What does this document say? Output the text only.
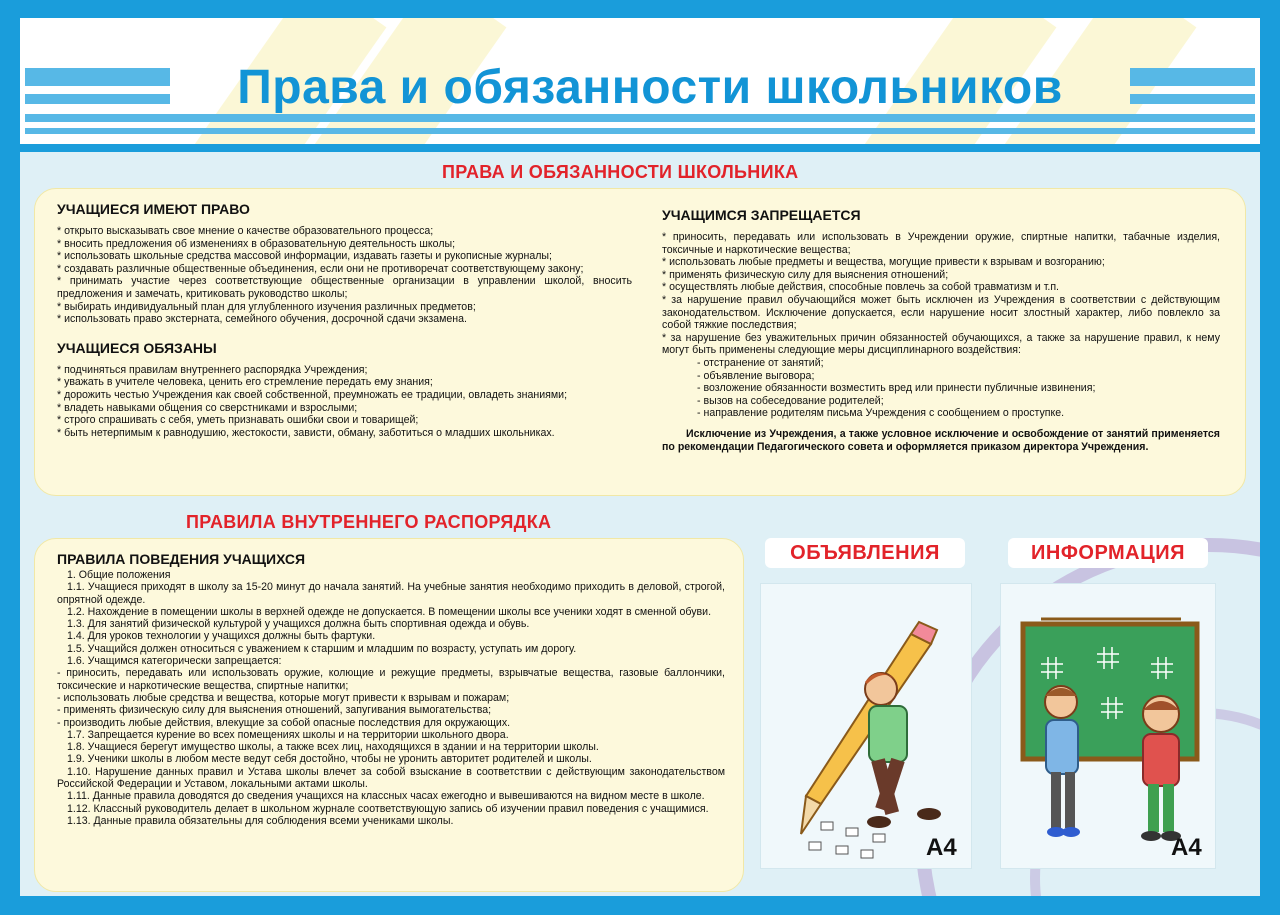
Права и обязанности школьников
ПРАВА И ОБЯЗАННОСТИ ШКОЛЬНИКА
УЧАЩИЕСЯ ИМЕЮТ ПРАВО
* открыто высказывать свое мнение о качестве образовательного процесса;
* вносить предложения об изменениях в образовательную деятельность школы;
* использовать школьные средства массовой информации, издавать газеты и рукописные журналы;
* создавать различные общественные объединения, если они не противоречат соответствующему закону;
* принимать участие через соответствующие общественные организации в управлении школой, вносить предложения и замечать, критиковать руководство школы;
* выбирать индивидуальный план для углубленного изучения различных предметов;
* использовать право экстерната, семейного обучения, досрочной сдачи экзамена.
УЧАЩИЕСЯ ОБЯЗАНЫ
* подчиняться правилам внутреннего распорядка Учреждения;
* уважать в учителе человека, ценить его стремление передать ему знания;
* дорожить честью Учреждения как своей собственной, преумножать ее традиции, овладеть знаниями;
* владеть навыками общения со сверстниками и взрослыми;
* строго спрашивать с себя, уметь признавать ошибки свои и товарищей;
* быть нетерпимым к равнодушию, жестокости, зависти, обману, заботиться о младших школьниках.
УЧАЩИМСЯ ЗАПРЕЩАЕТСЯ
* приносить, передавать или использовать в Учреждении оружие, спиртные напитки, табачные изделия, токсичные и наркотические вещества;
* использовать любые предметы и вещества, могущие привести к взрывам и возгоранию;
* применять физическую силу для выяснения отношений;
* осуществлять любые действия, способные повлечь за собой травматизм и т.п.
* за нарушение правил обучающийся может быть исключен из Учреждения в соответствии с действующим законодательством. Исключение допускается, если нарушение носит злостный характер, либо повлекло за собой тяжкие последствия;
* за нарушение без уважительных причин обязанностей обучающихся, а также за нарушение правил, к нему могут быть применены следующие меры дисциплинарного воздействия:
- отстранение от занятий;
- объявление выговора;
- возложение обязанности возместить вред или принести публичные извинения;
- вызов на собеседование родителей;
- направление родителям письма Учреждения с сообщением о проступке.
Исключение из Учреждения, а также условное исключение и освобождение от занятий применяется по рекомендации Педагогического совета и оформляется приказом директора Учреждения.
ПРАВИЛА ВНУТРЕННЕГО РАСПОРЯДКА
ПРАВИЛА ПОВЕДЕНИЯ УЧАЩИХСЯ
1. Общие положения
1.1. Учащиеся приходят в школу за 15-20 минут до начала занятий. На учебные занятия необходимо приходить в деловой, строгой, опрятной одежде.
1.2. Нахождение в помещении школы в верхней одежде не допускается. В помещении школы все ученики ходят в сменной обуви.
1.3. Для занятий физической культурой у учащихся должна быть спортивная одежда и обувь.
1.4. Для уроков технологии у учащихся должны быть фартуки.
1.5. Учащийся должен относиться с уважением к старшим и младшим по возрасту, уступать им дорогу.
1.6. Учащимся категорически запрещается:
- приносить, передавать или использовать оружие, колющие и режущие предметы, взрывчатые вещества, газовые баллончики, токсические и наркотические вещества, спиртные напитки;
- использовать любые средства и вещества, которые могут привести к взрывам и пожарам;
- применять физическую силу для выяснения отношений, запугивания вымогательства;
- производить любые действия, влекущие за собой опасные последствия для окружающих.
1.7. Запрещается курение во всех помещениях школы и на территории школьного двора.
1.8. Учащиеся берегут имущество школы, а также всех лиц, находящихся в здании и на территории школы.
1.9. Ученики школы в любом месте ведут себя достойно, чтобы не уронить авторитет родителей и школы.
1.10. Нарушение данных правил и Устава школы влечет за собой взыскание в соответствии с действующим законодательством Российской Федерации и Уставом, локальными актами школы.
1.11. Данные правила доводятся до сведения учащихся на классных часах ежегодно и вывешиваются на видном месте в школе.
1.12. Классный руководитель делает в школьном журнале соответствующую запись об изучении правил поведения с учащимися.
1.13. Данные правила обязательны для соблюдения всеми учениками школы.
ОБЪЯВЛЕНИЯ
А4
ИНФОРМАЦИЯ
А4
